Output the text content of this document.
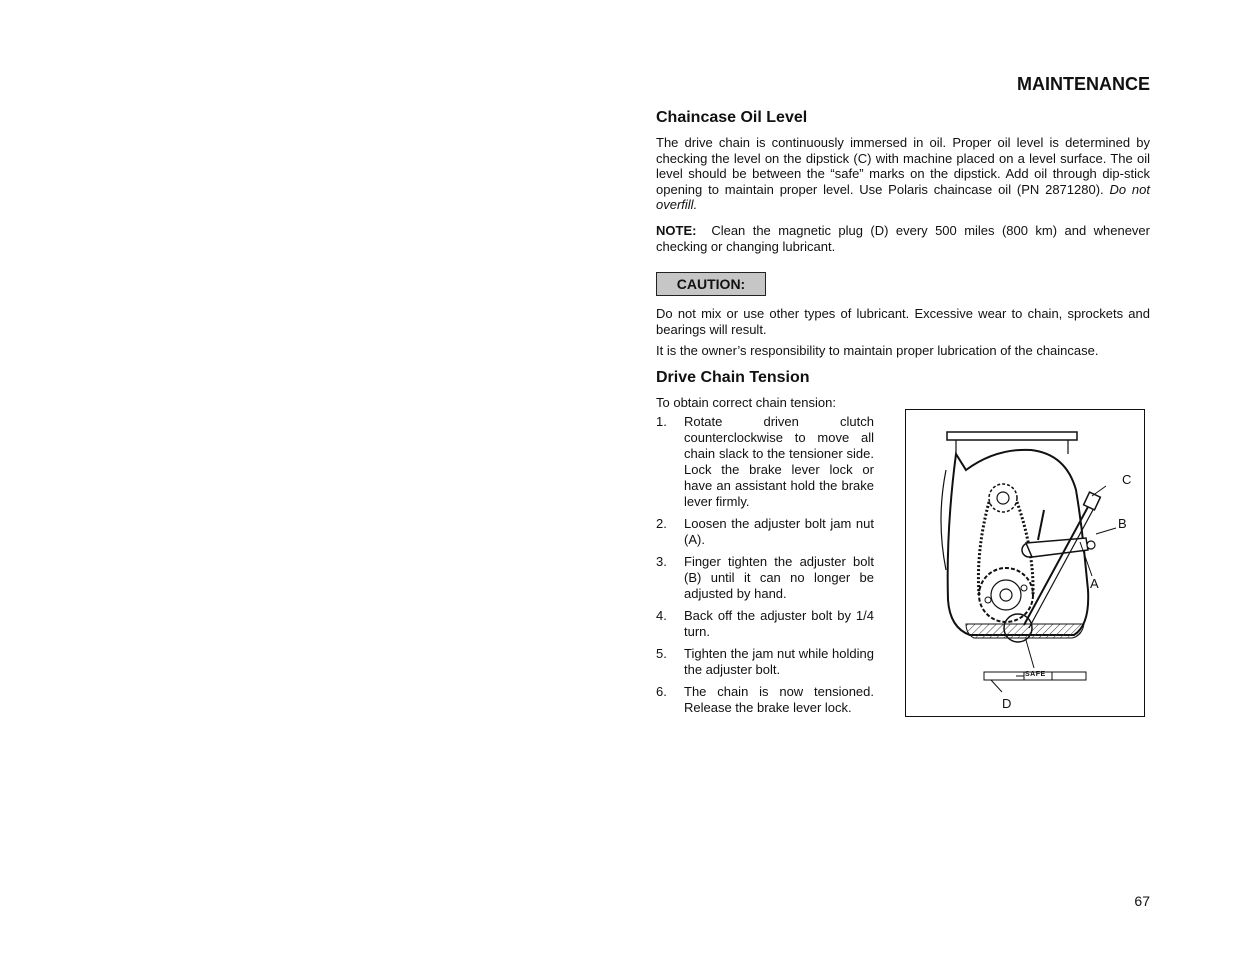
MAINTENANCE
Chaincase Oil Level
The drive chain is continuously immersed in oil. Proper oil level is determined by checking the level on the dipstick (C) with machine placed on a level surface. The oil level should be between the “safe” marks on the dipstick. Add oil through dip-stick opening to maintain proper level. Use Polaris chaincase oil (PN 2871280). Do not overfill.
NOTE: Clean the magnetic plug (D) every 500 miles (800 km) and whenever checking or changing lubricant.
CAUTION:
Do not mix or use other types of lubricant. Excessive wear to chain, sprockets and bearings will result.
It is the owner’s responsibility to maintain proper lubrication of the chaincase.
Drive Chain Tension
To obtain correct chain tension:
1.	Rotate driven clutch counterclockwise to move all chain slack to the tensioner side. Lock the brake lever lock or have an assistant hold the brake lever firmly.
2.	Loosen the adjuster bolt jam nut (A).
3.	Finger tighten the adjuster bolt (B) until it can no longer be adjusted by hand.
4.	Back off the adjuster bolt by 1/4 turn.
5.	Tighten the jam nut while holding the adjuster bolt.
6.	The chain is now tensioned. Release the brake lever lock.
SAFE
C
B
A
D
67
